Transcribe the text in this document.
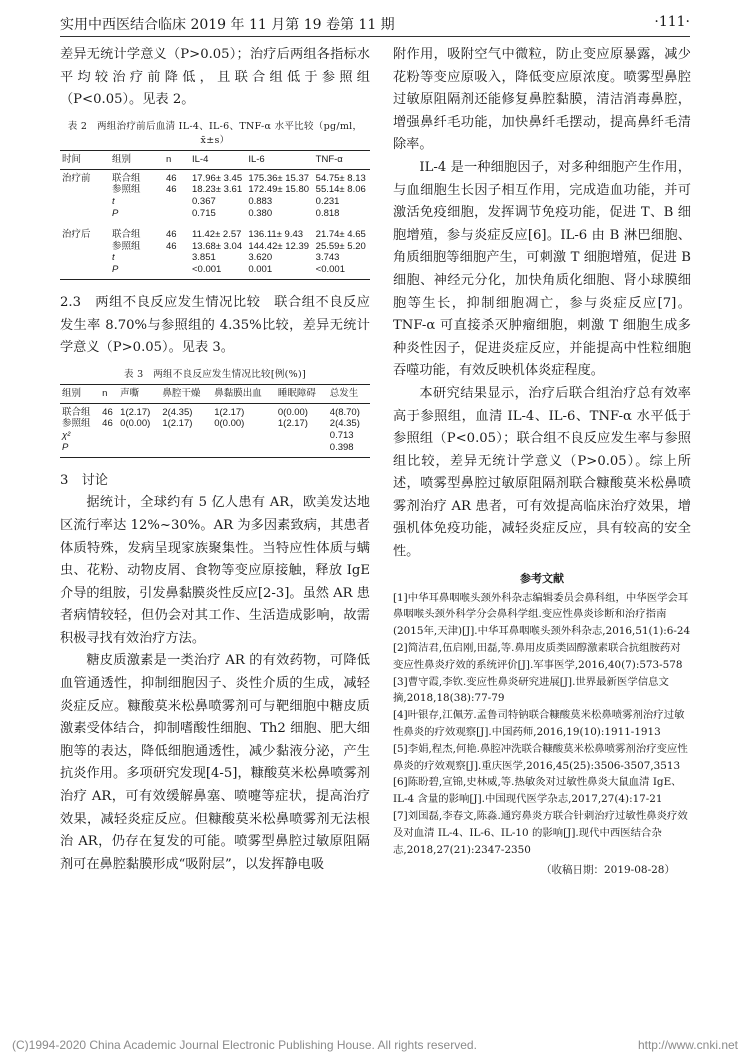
实用中西医结合临床 2019 年 11 月第 19 卷第 11 期	·111·

差异无统计学意义（P>0.05）；治疗后两组各指标水平均较治疗前降低，且联合组低于参照组（P<0.05）。见表 2。

表 2　两组治疗前后血清 IL-4、IL-6、TNF-α 水平比较（pg/ml，x̄±s）
时间	组别	n	IL-4	IL-6	TNF-α
治疗前	联合组	46	17.96± 3.45	175.36± 15.37	54.75± 8.13
	参照组	46	18.23± 3.61	172.49± 15.80	55.14± 8.06
	t		0.367	0.883	0.231
	P		0.715	0.380	0.818
治疗后	联合组	46	11.42± 2.57	136.11± 9.43	21.74± 4.65
	参照组	46	13.68± 3.04	144.42± 12.39	25.59± 5.20
	t		3.851	3.620	3.743
	P		<0.001	0.001	<0.001

2.3　两组不良反应发生情况比较　联合组不良反应发生率 8.70%与参照组的 4.35%比较，差异无统计学意义（P>0.05）。见表 3。

表 3　两组不良反应发生情况比较[例(%)]
组别	n	声嘶	鼻腔干燥	鼻黏膜出血	睡眠障碍	总发生
联合组	46	1(2.17)	2(4.35)	1(2.17)	0(0.00)	4(8.70)
参照组	46	0(0.00)	1(2.17)	0(0.00)	1(2.17)	2(4.35)
χ²						0.713
P						0.398
3　讨论

据统计，全球约有 5 亿人患有 AR，欧美发达地区流行率达 12%~30%。AR 为多因素致病，其患者体质特殊，发病呈现家族聚集性。当特应性体质与螨虫、花粉、动物皮屑、食物等变应原接触，释放 IgE 介导的组胺，引发鼻黏膜炎性反应[2-3]。虽然 AR 患者病情较轻，但仍会对其工作、生活造成影响，故需积极寻找有效治疗方法。

糖皮质激素是一类治疗 AR 的有效药物，可降低血管通透性，抑制细胞因子、炎性介质的生成，减轻炎症反应。糠酸莫米松鼻喷雾剂可与靶细胞中糖皮质激素受体结合，抑制嗜酸性细胞、Th2 细胞、肥大细胞等的表达，降低细胞通透性，减少黏液分泌，产生抗炎作用。多项研究发现[4-5]，糠酸莫米松鼻喷雾剂治疗 AR，可有效缓解鼻塞、喷嚏等症状，提高治疗效果，减轻炎症反应。但糠酸莫米松鼻喷雾剂无法根治 AR，仍存在复发的可能。喷雾型鼻腔过敏原阻隔剂可在鼻腔黏膜形成“吸附层”，以发挥静电吸

附作用，吸附空气中微粒，防止变应原暴露，减少花粉等变应原吸入，降低变应原浓度。喷雾型鼻腔过敏原阻隔剂还能修复鼻腔黏膜，清洁消毒鼻腔，增强鼻纤毛功能，加快鼻纤毛摆动，提高鼻纤毛清除率。

IL-4 是一种细胞因子，对多种细胞产生作用，与血细胞生长因子相互作用，完成造血功能，并可激活免疫细胞，发挥调节免疫功能，促进 T、B 细胞增殖，参与炎症反应[6]。IL-6 由 B 淋巴细胞、角质细胞等细胞产生，可刺激 T 细胞增殖，促进 B 细胞、神经元分化，加快角质化细胞、肾小球膜细胞等生长，抑制细胞凋亡，参与炎症反应[7]。TNF-α 可直接杀灭肿瘤细胞，刺激 T 细胞生成多种炎性因子，促进炎症反应，并能提高中性粒细胞吞噬功能，有效反映机体炎症程度。

本研究结果显示，治疗后联合组治疗总有效率高于参照组，血清 IL-4、IL-6、TNF-α 水平低于参照组（P<0.05）；联合组不良反应发生率与参照组比较，差异无统计学意义（P>0.05）。综上所述，喷雾型鼻腔过敏原阻隔剂联合糠酸莫米松鼻喷雾剂治疗 AR 患者，可有效提高临床治疗效果，增强机体免疫功能，减轻炎症反应，具有较高的安全性。

参考文献

[1]中华耳鼻咽喉头颈外科杂志编辑委员会鼻科组，中华医学会耳鼻咽喉头颈外科学分会鼻科学组.变应性鼻炎诊断和治疗指南(2015年,天津)[J].中华耳鼻咽喉头颈外科杂志,2016,51(1):6-24

[2]简洁君,伍启刚,田磊,等.鼻用皮质类固醇激素联合抗组胺药对变应性鼻炎疗效的系统评价[J].军事医学,2016,40(7):573-578

[3]曹守霞,李钦.变应性鼻炎研究进展[J].世界最新医学信息文摘,2018,18(38):77-79

[4]叶银存,江佩芳.孟鲁司特钠联合糠酸莫米松鼻喷雾剂治疗过敏性鼻炎的疗效观察[J].中国药师,2016,19(10):1911-1913

[5]李娟,程杰,何艳.鼻腔冲洗联合糠酸莫米松鼻喷雾剂治疗变应性鼻炎的疗效观察[J].重庆医学,2016,45(25):3506-3507,3513

[6]陈盼碧,宣锦,史林威,等.热敏灸对过敏性鼻炎大鼠血清 IgE、IL-4 含量的影响[J].中国现代医学杂志,2017,27(4):17-21

[7]刘国磊,李春文,陈淼.通窍鼻炎方联合针刺治疗过敏性鼻炎疗效及对血清 IL-4、IL-6、IL-10 的影响[J].现代中西医结合杂志,2018,27(21):2347-2350

（收稿日期：2019-08-28）
(C)1994-2020 China Academic Journal Electronic Publishing House. All rights reserved.	http://www.cnki.net
